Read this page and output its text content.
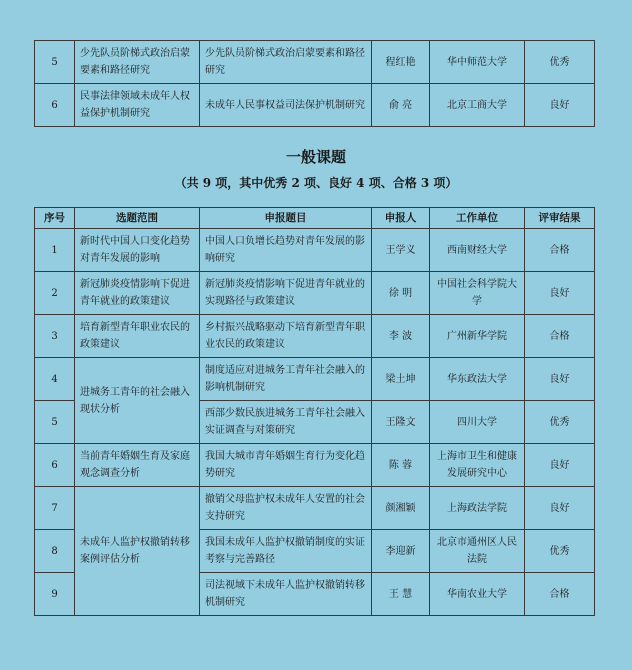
5	少先队员阶梯式政治启蒙要素和路径研究	少先队员阶梯式政治启蒙要素和路径研究	程红艳	华中师范大学	优秀
6	民事法律领域未成年人权益保护机制研究	未成年人民事权益司法保护机制研究	俞 亮	北京工商大学	良好
一般课题
（共 9 项，其中优秀 2 项、良好 4 项、合格 3 项）
序号	选题范围	申报题目	申报人	工作单位	评审结果
1	新时代中国人口变化趋势对青年发展的影响	中国人口负增长趋势对青年发展的影响研究	王学义	西南财经大学	合格
2	新冠肺炎疫情影响下促进青年就业的政策建议	新冠肺炎疫情影响下促进青年就业的实现路径与政策建议	徐 明	中国社会科学院大学	良好
3	培育新型青年职业农民的政策建议	乡村振兴战略驱动下培育新型青年职业农民的政策建议	李 波	广州新华学院	合格
4	进城务工青年的社会融入现状分析	制度适应对进城务工青年社会融入的影响机制研究	梁土坤	华东政法大学	良好
5		西部少数民族进城务工青年社会融入实证调查与对策研究	王隆文	四川大学	优秀
6	当前青年婚姻生育及家庭观念调查分析	我国大城市青年婚姻生育行为变化趋势研究	陈 蓉	上海市卫生和健康发展研究中心	良好
7	未成年人监护权撤销转移案例评估分析	撤销父母监护权未成年人安置的社会支持研究	颜湘颖	上海政法学院	良好
8		我国未成年人监护权撤销制度的实证考察与完善路径	李迎新	北京市通州区人民法院	优秀
9		司法视域下未成年人监护权撤销转移机制研究	王 慧	华南农业大学	合格
